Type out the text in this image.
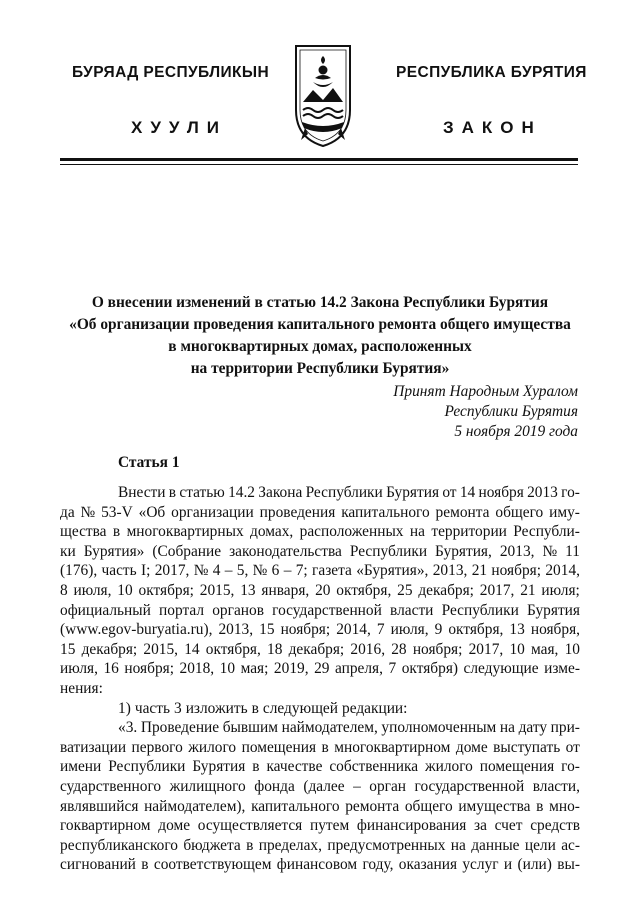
БУРЯАД РЕСПУБЛИКЫН
ХУУЛИ
РЕСПУБЛИКА БУРЯТИЯ
ЗАКОН
О внесении изменений в статью 14.2 Закона Республики Бурятия
«Об организации проведения капитального ремонта общего имущества
в многоквартирных домах, расположенных
на территории Республики Бурятия»
Принят Народным Хуралом
Республики Бурятия
5 ноября 2019 года
Статья 1
Внести в статью 14.2 Закона Республики Бурятия от 14 ноября 2013 го-
да № 53-V «Об организации проведения капитального ремонта общего иму-
щества в многоквартирных домах, расположенных на территории Республи-
ки Бурятия» (Собрание законодательства Республики Бурятия, 2013, № 11
(176), часть I; 2017, № 4 – 5, № 6 – 7; газета «Бурятия», 2013, 21 ноября; 2014,
8 июля, 10 октября; 2015, 13 января, 20 октября, 25 декабря; 2017, 21 июля;
официальный портал органов государственной власти Республики Бурятия
(www.egov-buryatia.ru), 2013, 15 ноября; 2014, 7 июля, 9 октября, 13 ноября,
15 декабря; 2015, 14 октября, 18 декабря; 2016, 28 ноября; 2017, 10 мая, 10
июля, 16 ноября; 2018, 10 мая; 2019, 29 апреля, 7 октября) следующие изме-
нения:
1) часть 3 изложить в следующей редакции:
«3. Проведение бывшим наймодателем, уполномоченным на дату при-
ватизации первого жилого помещения в многоквартирном доме выступать от
имени Республики Бурятия в качестве собственника жилого помещения го-
сударственного жилищного фонда (далее – орган государственной власти,
являвшийся наймодателем), капитального ремонта общего имущества в мно-
гоквартирном доме осуществляется путем финансирования за счет средств
республиканского бюджета в пределах, предусмотренных на данные цели ас-
сигнований в соответствующем финансовом году, оказания услуг и (или) вы-
